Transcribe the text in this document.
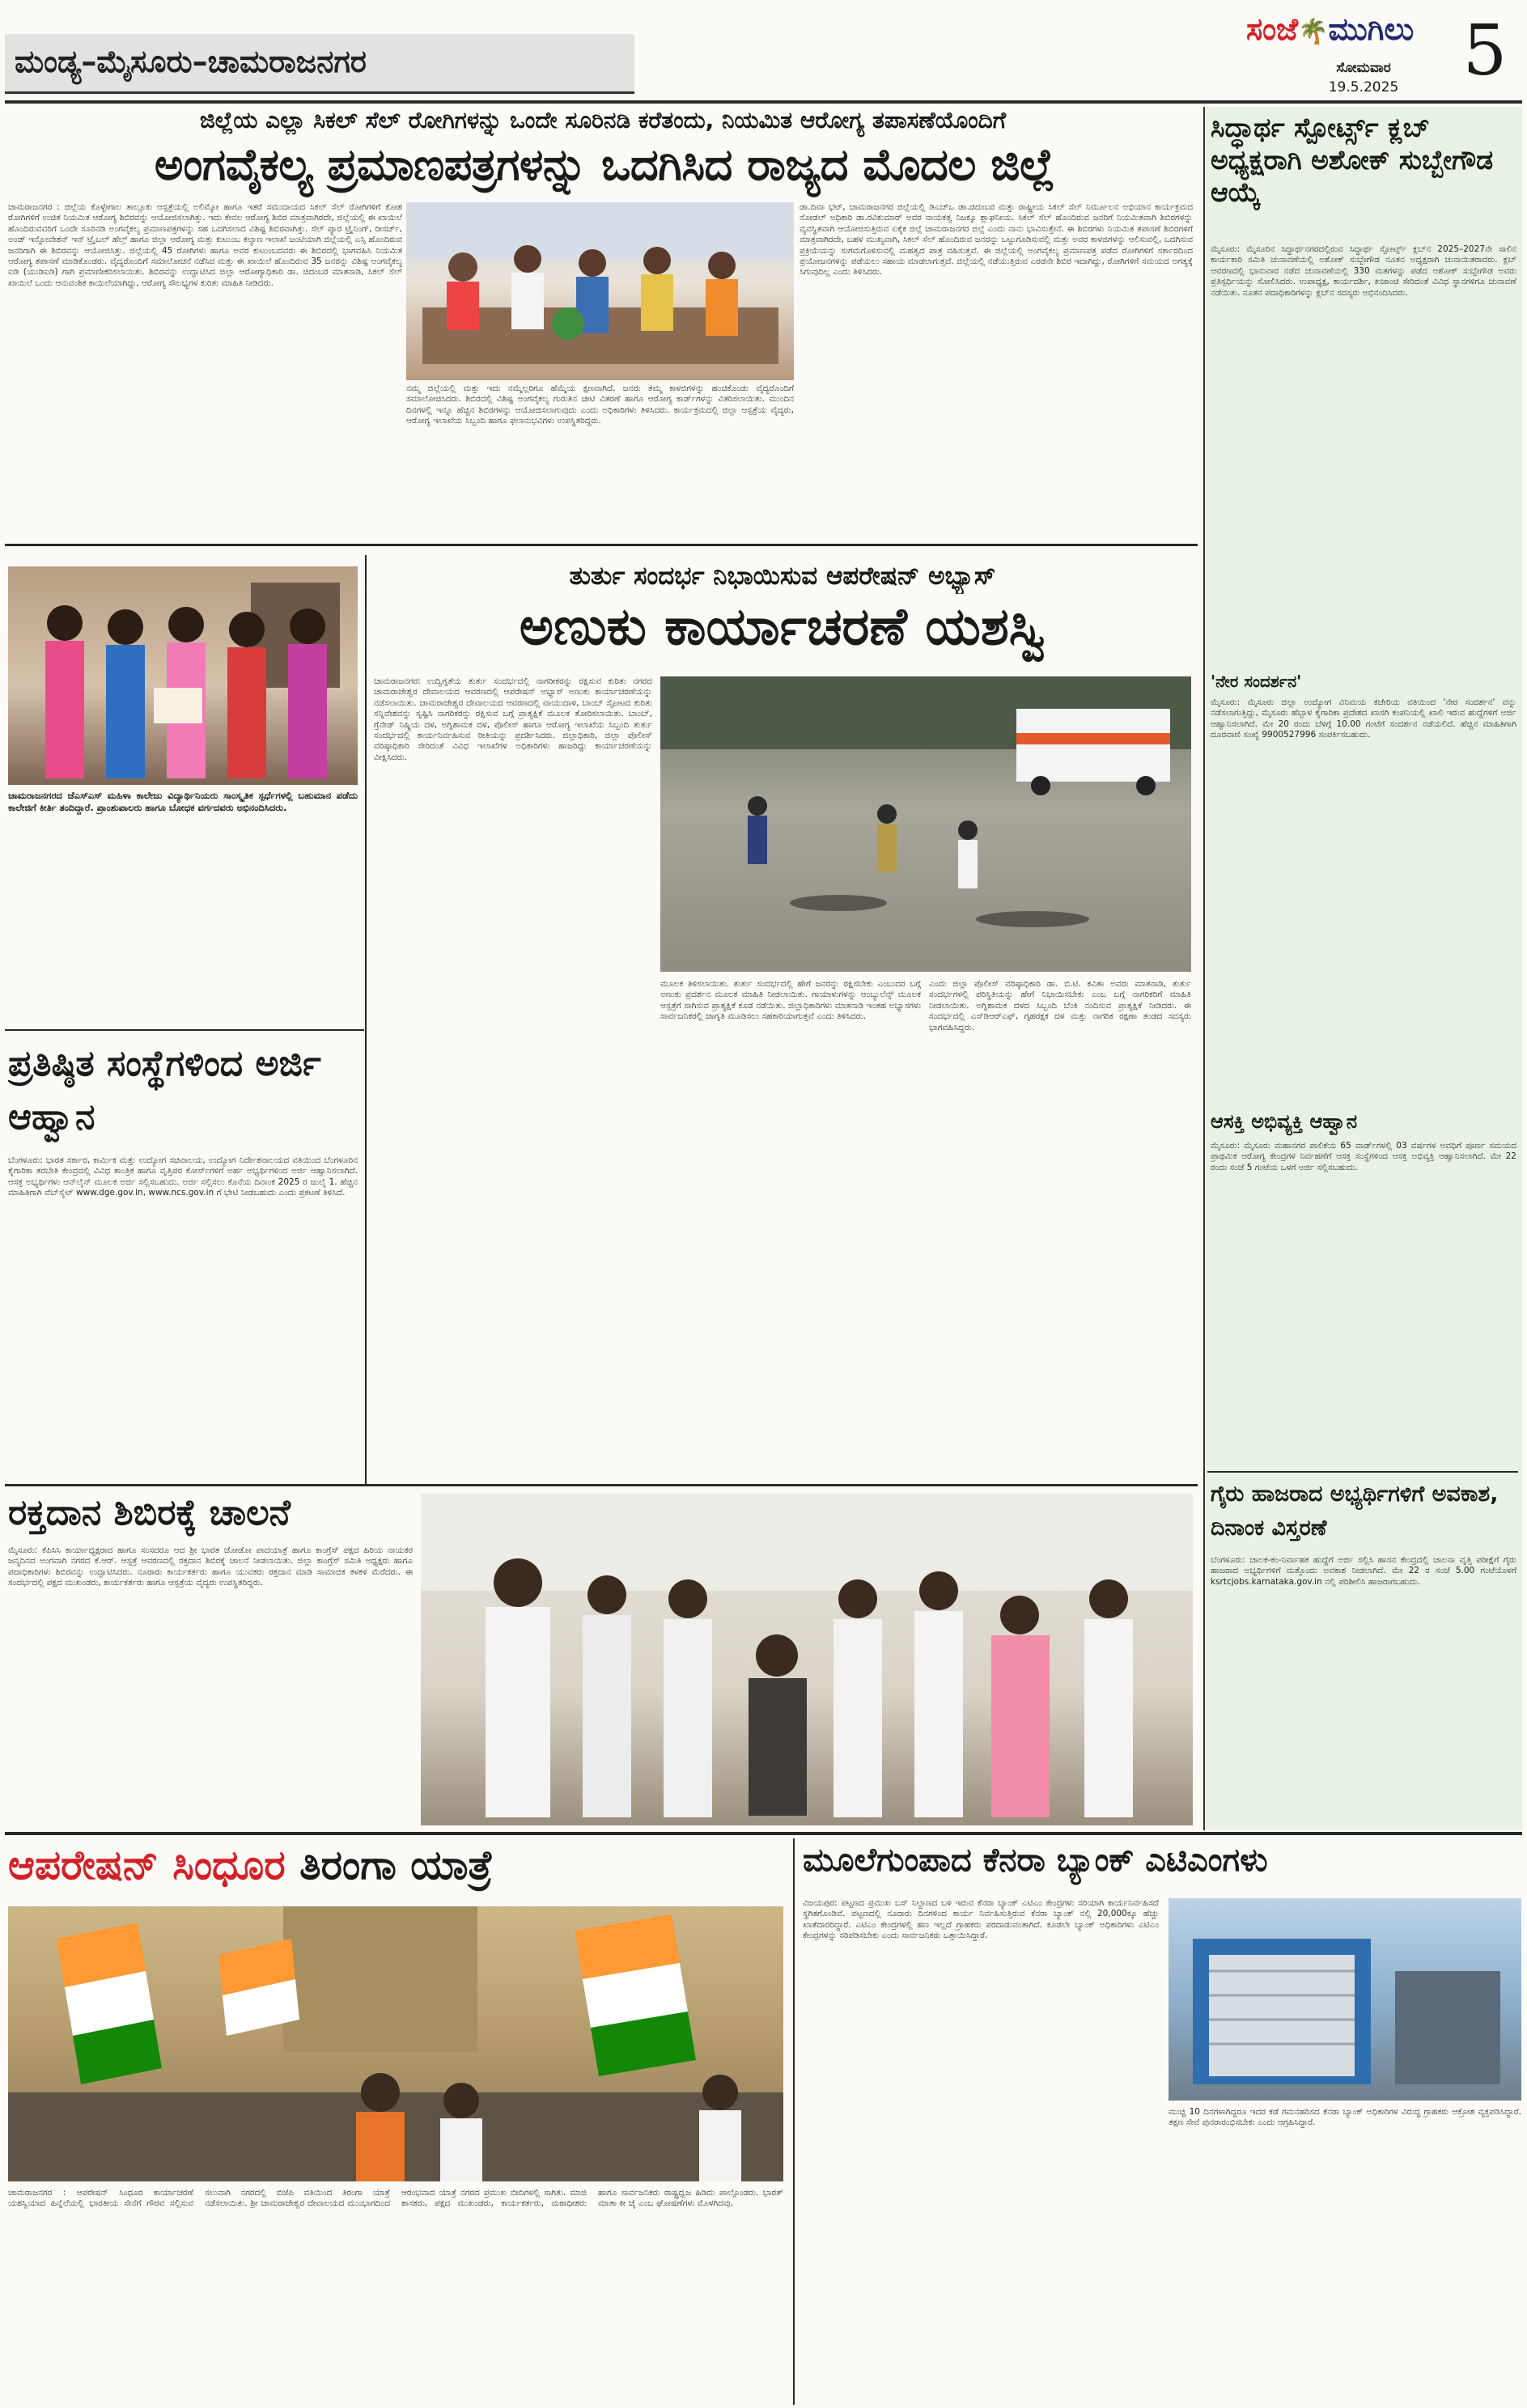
ಮಂಡ್ಯ–ಮೈಸೂರು–ಚಾಮರಾಜನಗರ
ಸಂಜೆ🌴ಮುಗಿಲು
ಸೋಮವಾರ
19.5.2025 5
ಜಿಲ್ಲೆಯ ಎಲ್ಲಾ ಸಿಕಲ್ ಸೆಲ್ ರೋಗಿಗಳನ್ನು ಒಂದೇ ಸೂರಿನಡಿ ಕರೆತಂದು, ನಿಯಮಿತ ಆರೋಗ್ಯ ತಪಾಸಣೆಯೊಂದಿಗೆ
ಅಂಗವೈಕಲ್ಯ ಪ್ರಮಾಣಪತ್ರಗಳನ್ನು ಒದಗಿಸಿದ ರಾಜ್ಯದ ಮೊದಲ ಜಿಲ್ಲೆ
ಚಾಮರಾಜನಗರ : ಜಿಲ್ಲೆಯ ಕೊಳ್ಳೇಗಾಲ ತಾಲ್ಲೂಕು ಆಸ್ಪತ್ರೆಯಲ್ಲಿ ಅಲಿಮ್ಕೋ ಹಾಗೂ ಇತರೆ ಸಮುದಾಯದ ಸಿಕಲ್ ಸೆಲ್ ರೋಗಿಗಳಿಗೆ ಕೋಶ ರೋಗಿಗಳಿಗೆ ಉಚಿತ ನಿಯಮಿತ ಆರೋಗ್ಯ ಶಿಬಿರವನ್ನು ಆಯೋಜಿಸಲಾಗಿತ್ತು. ಇದು ಕೇವಲ ಆರೋಗ್ಯ ಶಿಬಿರ ಮಾತ್ರವಾಗಿರದೇ, ಜಿಲ್ಲೆಯಲ್ಲಿ ಈ ಖಾಯಿಲೆ ಹೊಂದಿರುವವರಿಗೆ ಒಂದೇ ಸೂರಿನಡಿ ಅಂಗವೈಕಲ್ಯ ಪ್ರಮಾಣಪತ್ರಗಳನ್ನು ಸಹ ಒದಗಿಸಲಾದ ವಿಶಿಷ್ಟ ಶಿಬಿರವಾಗಿತ್ತು. ಸೆಲ್ ಪ್ಯಾರ ಟ್ರೈನಿಂಗ್, ರೀಸರ್ಚ್, ಅಂಡ್ ಇನ್ನೋವೇಶನ್ ಇನ್ ಟ್ರೈಬಲ್ ಹೆಲ್ತ್ ಹಾಗೂ ಜಿಲ್ಲಾ ಆರೋಗ್ಯ ಮತ್ತು ಕುಟುಂಬ ಕಲ್ಯಾಣ ಇಲಾಖೆ ಜಂಟಿಯಾಗಿ ಜಿಲ್ಲೆಯಲ್ಲಿ ಎಸ್ಸಿ ಹೊಂದಿರುವ ಜನರಿಗಾಗಿ ಈ ಶಿಬಿರವನ್ನು ಆಯೋಜಿಸಿತ್ತು. ಜಿಲ್ಲೆಯಲ್ಲಿ 45 ರೋಗಿಗಳು ಹಾಗೂ ಅವರ ಕುಟುಂಬದವರು ಈ ಶಿಬಿರದಲ್ಲಿ ಭಾಗವಹಿಸಿ ನಿಯಮಿತ ಆರೋಗ್ಯ ತಪಾಸಣೆ ಮಾಡಿಕೊಂಡರು. ವೈದ್ಯರೊಂದಿಗೆ ಸಮಾಲೋಚನೆ ನಡೆಸಿದ ಮತ್ತು ಈ ಖಾಯಿಲೆ ಹೊಂದಿರುವ 35 ಜನರನ್ನು ವಿಶಿಷ್ಟ ಅಂಗವೈಕಲ್ಯ ಐಡಿ (ಯುಡಿಐಡಿ) ಗಾಗಿ ಪ್ರಮಾಣೀಕರಿಸಲಾಯಿತು. ಶಿಬಿರವನ್ನು ಉದ್ಘಾಟಿಸಿದ ಜಿಲ್ಲಾ ಆರೋಗ್ಯಾಧಿಕಾರಿ ಡಾ. ಚಿದಂಬರ ಮಾತನಾಡಿ, ಸಿಕಲ್ ಸೆಲ್ ಖಾಯಿಲೆ ಒಂದು ಆನುವಂಶಿಕ ಕಾಯಿಲೆಯಾಗಿದ್ದು, ಆರೋಗ್ಯ ಸೌಲಭ್ಯಗಳ ಕುರಿತು ಮಾಹಿತಿ ನೀಡಿದರು.
ನಮ್ಮ ಜಿಲ್ಲೆಯಲ್ಲಿ ಮತ್ತು ಇದು ನಮ್ಮೆಲ್ಲರಿಗೂ ಹೆಮ್ಮೆಯ ಕ್ಷಣವಾಗಿದೆ. ಜನರು ತಮ್ಮ ಕಾಳಜಿಗಳನ್ನು ಹಂಚಿಕೊಂಡು ವೈದ್ಯರೊಂದಿಗೆ ಸಮಾಲೋಚಿಸಿದರು. ಶಿಬಿರದಲ್ಲಿ ವಿಶಿಷ್ಟ ಅಂಗವೈಕಲ್ಯ ಗುರುತಿನ ಚೀಟಿ ವಿತರಣೆ ಹಾಗೂ ಆರೋಗ್ಯ ಕಾರ್ಡ್‌ಗಳನ್ನು ವಿತರಿಸಲಾಯಿತು. ಮುಂದಿನ ದಿನಗಳಲ್ಲಿ ಇನ್ನೂ ಹೆಚ್ಚಿನ ಶಿಬಿರಗಳನ್ನು ಆಯೋಜಿಸಲಾಗುವುದು ಎಂದು ಅಧಿಕಾರಿಗಳು ತಿಳಿಸಿದರು. ಕಾರ್ಯಕ್ರಮದಲ್ಲಿ ಜಿಲ್ಲಾ ಆಸ್ಪತ್ರೆಯ ವೈದ್ಯರು, ಆರೋಗ್ಯ ಇಲಾಖೆಯ ಸಿಬ್ಬಂದಿ ಹಾಗೂ ಫಲಾನುಭವಿಗಳು ಉಪಸ್ಥಿತರಿದ್ದರು.
ಡಾ.ದಿವಾ ಭಟ್, ಚಾಮರಾಜನಗರ ಜಿಲ್ಲೆಯಲ್ಲಿ ಡಿಎಚ್‌ಒ ಡಾ.ಚಿದಂಬರ ಮತ್ತು ರಾಷ್ಟ್ರೀಯ ಸಿಕಲ್ ಸೆಲ್ ನಿರ್ಮೂಲನ ಅಭಿಯಾನ ಕಾರ್ಯಕ್ರಮದ ನೋಡಲ್ ಅಧಿಕಾರಿ ಡಾ.ರವಿಕುಮಾರ್ ಅವರ ನಾಯಕತ್ವ ನಿಜಕ್ಕೂ ಶ್ಲಾಘನೀಯ. ಸಿಕಲ್ ಸೆಲ್ ಹೊಂದಿರುವ ಜನರಿಗೆ ನಿಯಮಿತವಾಗಿ ಶಿಬಿರಗಳನ್ನು ವ್ಯವಸ್ಥಿತವಾಗಿ ಆಯೋಜಿಸುತ್ತಿರುವ ಏಕೈಕ ಜಿಲ್ಲೆ ಚಾಮರಾಜನಗರ ಜಿಲ್ಲೆ ಎಂದು ನಾನು ಭಾವಿಸುತ್ತೇನೆ. ಈ ಶಿಬಿರಗಳು ನಿಯಮಿತ ತಪಾಸಣೆ ಶಿಬಿರಗಳಿಗೆ ಮಾತ್ರವಾಗಿರದೇ, ಬಹಳ ಮುಖ್ಯವಾಗಿ, ಸಿಕಲ್ ಸೆಲ್ ಹೊಂದಿರುವ ಜನರನ್ನು ಒಟ್ಟುಗೂಡಿಸುವಲ್ಲಿ ಮತ್ತು ಅವರ ಕಾಳಜಿಗಳನ್ನು ಆಲಿಸುವಲ್ಲಿ, ಒದಗಿಸುವ ಪ್ರಕ್ರಿಯೆಯನ್ನು ಸುಗಮಗೊಳಿಸುವಲ್ಲಿ ಮಹತ್ವದ ಪಾತ್ರ ವಹಿಸುತ್ತವೆ. ಈ ಜಿಲ್ಲೆಯಲ್ಲಿ ಅಂಗವೈಕಲ್ಯ ಪ್ರಮಾಣಪತ್ರ ಪಡೆದ ರೋಗಿಗಳಿಗೆ ಸರ್ಕಾರದಿಂದ ಪ್ರಯೋಜನಗಳನ್ನು ಪಡೆಯಲು ಸಹಾಯ ಮಾಡಲಾಗುತ್ತದೆ. ಜಿಲ್ಲೆಯಲ್ಲಿ ನಡೆಯುತ್ತಿರುವ ಎರಡನೇ ಶಿಬಿರ ಇದಾಗಿದ್ದು, ರೋಗಿಗಳಿಗೆ ಸಮಯದ ಅಗತ್ಯಕ್ಕೆ ಸಿಗುವುದಿಲ್ಲ ಎಂದು ತಿಳಿಸಿದರು.
ಸಿದ್ಧಾರ್ಥ ಸ್ಪೋರ್ಟ್ಸ್ ಕ್ಲಬ್ ಅಧ್ಯಕ್ಷರಾಗಿ ಅಶೋಕ್ ಸುಬ್ಬೇಗೌಡ ಆಯ್ಕೆ
ಮೈಸೂರು: ಮೈಸೂರಿನ ಸಿದ್ಧಾರ್ಥನಗರದಲ್ಲಿರುವ ಸಿದ್ಧಾರ್ಥ ಸ್ಪೋರ್ಟ್ಸ್ ಕ್ಲಬ್‌ನ 2025–2027ನೇ ಸಾಲಿನ ಕಾರ್ಯಕಾರಿ ಸಮಿತಿ ಚುನಾವಣೆಯಲ್ಲಿ ಅಶೋಕ್ ಸುಬ್ಬೇಗೌಡ ನೂತನ ಅಧ್ಯಕ್ಷರಾಗಿ ಚುನಾಯಿತರಾದರು. ಕ್ಲಬ್ ಆವರಣದಲ್ಲಿ ಭಾನುವಾರ ನಡೆದ ಚುನಾವಣೆಯಲ್ಲಿ 330 ಮತಗಳನ್ನು ಪಡೆದ ಅಶೋಕ್ ಸುಬ್ಬೇಗೌಡ ಅವರು ಪ್ರತಿಸ್ಪರ್ಧಿಯನ್ನು ಸೋಲಿಸಿದರು. ಉಪಾಧ್ಯಕ್ಷ, ಕಾರ್ಯದರ್ಶಿ, ಖಜಾಂಚಿ ಸೇರಿದಂತೆ ವಿವಿಧ ಸ್ಥಾನಗಳಿಗೂ ಚುನಾವಣೆ ನಡೆಯಿತು. ನೂತನ ಪದಾಧಿಕಾರಿಗಳನ್ನು ಕ್ಲಬ್‌ನ ಸದಸ್ಯರು ಅಭಿನಂದಿಸಿದರು.
'ನೇರ ಸಂದರ್ಶನ'
ಮೈಸೂರು: ಮೈಸೂರು ಜಿಲ್ಲಾ ಉದ್ಯೋಗ ವಿನಿಮಯ ಕಚೇರಿಯ ವತಿಯಿಂದ 'ನೇರ ಸಂದರ್ಶನ' ವನ್ನು ನಡೆಸಲಾಗುತ್ತಿದ್ದು, ಮೈಸೂರು ಹೆಬ್ಬಾಳ ಕೈಗಾರಿಕಾ ಪ್ರದೇಶದ ಖಾಸಗಿ ಕಂಪನಿಯಲ್ಲಿ ಖಾಲಿ ಇರುವ ಹುದ್ದೆಗಳಿಗೆ ಅರ್ಜಿ ಆಹ್ವಾನಿಸಲಾಗಿದೆ. ಮೇ 20 ರಂದು ಬೆಳಿಗ್ಗೆ 10.00 ಗಂಟೆಗೆ ಸಂದರ್ಶನ ನಡೆಯಲಿದೆ. ಹೆಚ್ಚಿನ ಮಾಹಿತಿಗಾಗಿ ದೂರವಾಣಿ ಸಂಖ್ಯೆ 9900527996 ಸಂಪರ್ಕಿಸಬಹುದು.
ಆಸಕ್ತಿ ಅಭಿವ್ಯಕ್ತಿ ಆಹ್ವಾನ
ಮೈಸೂರು: ಮೈಸೂರು ಮಹಾನಗರ ಪಾಲಿಕೆಯ 65 ವಾರ್ಡ್‌ಗಳಲ್ಲಿ 03 ವರ್ಷಗಳ ಅವಧಿಗೆ ಪೂರ್ಣ ಸಮಯದ ಪ್ರಾಥಮಿಕ ಆರೋಗ್ಯ ಕೇಂದ್ರಗಳ ನಿರ್ವಹಣೆಗೆ ಆಸಕ್ತ ಸಂಸ್ಥೆಗಳಿಂದ ಆಸಕ್ತಿ ಅಭಿವ್ಯಕ್ತಿ ಆಹ್ವಾನಿಸಲಾಗಿದೆ. ಮೇ 22 ರಂದು ಸಂಜೆ 5 ಗಂಟೆಯ ಒಳಗೆ ಅರ್ಜಿ ಸಲ್ಲಿಸಬಹುದು.
ಗೈರು ಹಾಜರಾದ ಅಭ್ಯರ್ಥಿಗಳಿಗೆ ಅವಕಾಶ, ದಿನಾಂಕ ವಿಸ್ತರಣೆ
ಬೆಂಗಳೂರು: ಚಾಲಕ-ಕಂ-ನಿರ್ವಾಹಕ ಹುದ್ದೆಗೆ ಅರ್ಜಿ ಸಲ್ಲಿಸಿ ಹಾಸನ ಕೇಂದ್ರದಲ್ಲಿ ಚಾಲನಾ ವೃತ್ತಿ ಪರೀಕ್ಷೆಗೆ ಗೈರು ಹಾಜರಾದ ಅಭ್ಯರ್ಥಿಗಳಿಗೆ ಮತ್ತೊಂದು ಅವಕಾಶ ನೀಡಲಾಗಿದೆ. ಮೇ 22 ರ ಸಂಜೆ 5.00 ಗಂಟೆಯೊಳಗೆ ksrtcjobs.karnataka.gov.in ನಲ್ಲಿ ಪರಿಶೀಲಿಸಿ ಹಾಜರಾಗಬಹುದು.
ಚಾಮರಾಜನಗರದ ಜೆಎಸ್‌ಎಸ್ ಮಹಿಳಾ ಕಾಲೇಜು ವಿದ್ಯಾರ್ಥಿನಿಯರು ಸಾಂಸ್ಕೃತಿಕ ಸ್ಪರ್ಧೆಗಳಲ್ಲಿ ಬಹುಮಾನ ಪಡೆದು ಕಾಲೇಜಿಗೆ ಕೀರ್ತಿ ತಂದಿದ್ದಾರೆ. ಪ್ರಾಂಶುಪಾಲರು ಹಾಗೂ ಬೋಧಕ ವರ್ಗದವರು ಅಭಿನಂದಿಸಿದರು.
ಪ್ರತಿಷ್ಠಿತ ಸಂಸ್ಥೆಗಳಿಂದ ಅರ್ಜಿ ಆಹ್ವಾನ
ಬೆಂಗಳೂರು: ಭಾರತ ಸರ್ಕಾರ, ಕಾರ್ಮಿಕ ಮತ್ತು ಉದ್ಯೋಗ ಸಚಿವಾಲಯ, ಉದ್ಯೋಗ ನಿರ್ದೇಶನಾಲಯದ ವತಿಯಿಂದ ಬೆಂಗಳೂರಿನ ಕೈಗಾರಿಕಾ ತರಬೇತಿ ಕೇಂದ್ರದಲ್ಲಿ ವಿವಿಧ ತಾಂತ್ರಿಕ ಹಾಗೂ ವೃತ್ತಿಪರ ಕೋರ್ಸ್‌ಗಳಿಗೆ ಅರ್ಹ ಅಭ್ಯರ್ಥಿಗಳಿಂದ ಅರ್ಜಿ ಆಹ್ವಾನಿಸಲಾಗಿದೆ. ಆಸಕ್ತ ಅಭ್ಯರ್ಥಿಗಳು ಆನ್‌ಲೈನ್ ಮೂಲಕ ಅರ್ಜಿ ಸಲ್ಲಿಸಬಹುದು. ಅರ್ಜಿ ಸಲ್ಲಿಸಲು ಕೊನೆಯ ದಿನಾಂಕ 2025 ರ ಜುಲೈ 1. ಹೆಚ್ಚಿನ ಮಾಹಿತಿಗಾಗಿ ವೆಬ್‌ಸೈಟ್ www.dge.gov.in, www.ncs.gov.in ಗೆ ಭೇಟಿ ನೀಡಬಹುದು ಎಂದು ಪ್ರಕಟಣೆ ತಿಳಿಸಿದೆ.
ತುರ್ತು ಸಂದರ್ಭ ನಿಭಾಯಿಸುವ ಆಪರೇಷನ್ ಅಭ್ಯಾಸ್
ಅಣುಕು ಕಾರ್ಯಾಚರಣೆ ಯಶಸ್ವಿ
ಚಾಮರಾಜನಗರ: ಉದ್ವಿಗ್ನತೆಯ ತುರ್ತು ಸಂದರ್ಭದಲ್ಲಿ ನಾಗರೀಕರನ್ನು ರಕ್ಷಿಸುವ ಕುರಿತು ನಗರದ ಚಾಮರಾಜೇಶ್ವರ ದೇವಾಲಯದ ಆವರಣದಲ್ಲಿ ಆಪರೇಷನ್ ಅಭ್ಯಾಸ್ ಅಣುಕು ಕಾರ್ಯಾಚರಣೆಯನ್ನು ನಡೆಸಲಾಯಿತು. ಚಾಮರಾಜೇಶ್ವರ ದೇವಾಲಯದ ಆವರಣದಲ್ಲಿ ವಾಯುದಾಳಿ, ಬಾಂಬ್ ಸ್ಫೋಟದ ಕುರಿತು ಸನ್ನಿವೇಶವನ್ನು ಸೃಷ್ಟಿಸಿ ನಾಗರಿಕರನ್ನು ರಕ್ಷಿಸುವ ಬಗ್ಗೆ ಪ್ರಾತ್ಯಕ್ಷಿಕೆ ಮೂಲಕ ತೋರಿಸಲಾಯಿತು. ಬಾಂಬ್, ಗ್ರೆನೇಡ್ ನಿಷ್ಕ್ರಿಯ ದಳ, ಅಗ್ನಿಶಾಮಕ ದಳ, ಪೊಲೀಸ್ ಹಾಗೂ ಆರೋಗ್ಯ ಇಲಾಖೆಯ ಸಿಬ್ಬಂದಿ ತುರ್ತು ಸಂದರ್ಭದಲ್ಲಿ ಕಾರ್ಯನಿರ್ವಹಿಸುವ ರೀತಿಯನ್ನು ಪ್ರದರ್ಶಿಸಿದರು. ಜಿಲ್ಲಾಧಿಕಾರಿ, ಜಿಲ್ಲಾ ಪೊಲೀಸ್ ವರಿಷ್ಠಾಧಿಕಾರಿ ಸೇರಿದಂತೆ ವಿವಿಧ ಇಲಾಖೆಗಳ ಅಧಿಕಾರಿಗಳು ಹಾಜರಿದ್ದು ಕಾರ್ಯಾಚರಣೆಯನ್ನು ವೀಕ್ಷಿಸಿದರು.
ಮೂಲಕ ತಿಳಿಸಲಾಯಿತು. ತುರ್ತು ಸಂದರ್ಭದಲ್ಲಿ ಹೇಗೆ ಜನರನ್ನು ರಕ್ಷಿಸಬೇಕು ಎಂಬುದರ ಬಗ್ಗೆ ಅಣುಕು ಪ್ರದರ್ಶನ ಮೂಲಕ ಮಾಹಿತಿ ನೀಡಲಾಯಿತು. ಗಾಯಾಳುಗಳನ್ನು ಆಂಬ್ಯುಲೆನ್ಸ್ ಮೂಲಕ ಆಸ್ಪತ್ರೆಗೆ ಸಾಗಿಸುವ ಪ್ರಾತ್ಯಕ್ಷಿಕೆ ಕೂಡ ನಡೆಯಿತು. ಜಿಲ್ಲಾಧಿಕಾರಿಗಳು ಮಾತನಾಡಿ ಇಂತಹ ಅಭ್ಯಾಸಗಳು ಸಾರ್ವಜನಿಕರಲ್ಲಿ ಜಾಗೃತಿ ಮೂಡಿಸಲು ಸಹಕಾರಿಯಾಗುತ್ತವೆ ಎಂದು ತಿಳಿಸಿದರು.
ಎಂದು ಜಿಲ್ಲಾ ಪೊಲೀಸ್ ವರಿಷ್ಠಾಧಿಕಾರಿ ಡಾ. ಬಿ.ಟಿ. ಕವಿತಾ ಅವರು ಮಾತನಾಡಿ, ತುರ್ತು ಸಂದರ್ಭಗಳಲ್ಲಿ ಪರಿಸ್ಥಿತಿಯನ್ನು ಹೇಗೆ ನಿಭಾಯಿಸಬೇಕು ಎಂಬ ಬಗ್ಗೆ ನಾಗರಿಕರಿಗೆ ಮಾಹಿತಿ ನೀಡಲಾಯಿತು. ಅಗ್ನಿಶಾಮಕ ದಳದ ಸಿಬ್ಬಂದಿ ಬೆಂಕಿ ನಂದಿಸುವ ಪ್ರಾತ್ಯಕ್ಷಿಕೆ ನೀಡಿದರು. ಈ ಸಂದರ್ಭದಲ್ಲಿ ಎಸ್‌ಡಿಆರ್‌ಎಫ್, ಗೃಹರಕ್ಷಕ ದಳ ಮತ್ತು ನಾಗರಿಕ ರಕ್ಷಣಾ ತಂಡದ ಸದಸ್ಯರು ಭಾಗವಹಿಸಿದ್ದರು.
ರಕ್ತದಾನ ಶಿಬಿರಕ್ಕೆ ಚಾಲನೆ
ಮೈಸೂರು: ಕೆಪಿಸಿಸಿ ಕಾರ್ಯಾಧ್ಯಕ್ಷರಾದ ಹಾಗೂ ಸಂಸದರೂ ಆದ ಶ್ರೀ ಭಾರತ ಜೋಡೋ ಪಾದಯಾತ್ರೆ ಹಾಗೂ ಕಾಂಗ್ರೆಸ್ ಪಕ್ಷದ ಹಿರಿಯ ನಾಯಕರ ಜನ್ಮದಿನದ ಅಂಗವಾಗಿ ನಗರದ ಕೆ.ಆರ್. ಆಸ್ಪತ್ರೆ ಆವರಣದಲ್ಲಿ ರಕ್ತದಾನ ಶಿಬಿರಕ್ಕೆ ಚಾಲನೆ ನೀಡಲಾಯಿತು. ಜಿಲ್ಲಾ ಕಾಂಗ್ರೆಸ್ ಸಮಿತಿ ಅಧ್ಯಕ್ಷರು ಹಾಗೂ ಪದಾಧಿಕಾರಿಗಳು ಶಿಬಿರವನ್ನು ಉದ್ಘಾಟಿಸಿದರು. ನೂರಾರು ಕಾರ್ಯಕರ್ತರು ಹಾಗೂ ಯುವಕರು ರಕ್ತದಾನ ಮಾಡಿ ಸಾಮಾಜಿಕ ಕಳಕಳಿ ಮೆರೆದರು. ಈ ಸಂದರ್ಭದಲ್ಲಿ ಪಕ್ಷದ ಮುಖಂಡರು, ಕಾರ್ಯಕರ್ತರು ಹಾಗೂ ಆಸ್ಪತ್ರೆಯ ವೈದ್ಯರು ಉಪಸ್ಥಿತರಿದ್ದರು.
ಆಪರೇಷನ್ ಸಿಂಧೂರ ತಿರಂಗಾ ಯಾತ್ರೆ
ಚಾಮರಾಜನಗರ : ಆಪರೇಷನ್ ಸಿಂಧೂರ ಕಾರ್ಯಾಚರಣೆ ಯಶಸ್ವಿಯಾದ ಹಿನ್ನೆಲೆಯಲ್ಲಿ ಭಾರತೀಯ ಸೇನೆಗೆ ಗೌರವ ಸಲ್ಲಿಸುವ ಸಲುವಾಗಿ ನಗರದಲ್ಲಿ ಬಿಜೆಪಿ ವತಿಯಿಂದ ತಿರಂಗಾ ಯಾತ್ರೆ ನಡೆಸಲಾಯಿತು. ಶ್ರೀ ಚಾಮರಾಜೇಶ್ವರ ದೇವಾಲಯದ ಮುಂಭಾಗದಿಂದ ಆರಂಭವಾದ ಯಾತ್ರೆ ನಗರದ ಪ್ರಮುಖ ಬೀದಿಗಳಲ್ಲಿ ಸಾಗಿತು. ಮಾಜಿ ಶಾಸಕರು, ಪಕ್ಷದ ಮುಖಂಡರು, ಕಾರ್ಯಕರ್ತರು, ಮಠಾಧೀಶರು ಹಾಗೂ ಸಾರ್ವಜನಿಕರು ರಾಷ್ಟ್ರಧ್ವಜ ಹಿಡಿದು ಪಾಲ್ಗೊಂಡರು. ಭಾರತ್ ಮಾತಾ ಕೀ ಜೈ ಎಂಬ ಘೋಷಣೆಗಳು ಮೊಳಗಿದವು.
ಮೂಲೆಗುಂಪಾದ ಕೆನರಾ ಬ್ಯಾಂಕ್ ಎಟಿಎಂಗಳು
ವಿಜಯಪುರ: ಪಟ್ಟಣದ ಪ್ರಮುಖ ಬಸ್ ನಿಲ್ದಾಣದ ಬಳಿ ಇರುವ ಕೆನರಾ ಬ್ಯಾಂಕ್ ಎಟಿಎಂ ಕೇಂದ್ರಗಳು ಸರಿಯಾಗಿ ಕಾರ್ಯನಿರ್ವಹಿಸದೆ ಸ್ಥಗಿತಗೊಂಡಿವೆ. ಪಟ್ಟಣದಲ್ಲಿ ನೂರಾರು ದಿನಗಳಿಂದ ಕಾರ್ಯ ನಿರ್ವಹಿಸುತ್ತಿರುವ ಕೆನರಾ ಬ್ಯಾಂಕ್ ನಲ್ಲಿ 20,000ಕ್ಕೂ ಹೆಚ್ಚು ಖಾತೆದಾರರಿದ್ದಾರೆ. ಎಟಿಎಂ ಕೇಂದ್ರಗಳಲ್ಲಿ ಹಣ ಇಲ್ಲದೆ ಗ್ರಾಹಕರು ಪರದಾಡುವಂತಾಗಿದೆ. ಕೂಡಲೇ ಬ್ಯಾಂಕ್ ಅಧಿಕಾರಿಗಳು ಎಟಿಎಂ ಕೇಂದ್ರಗಳನ್ನು ಸರಿಪಡಿಸಬೇಕು ಎಂದು ಸಾರ್ವಜನಿಕರು ಒತ್ತಾಯಿಸಿದ್ದಾರೆ.
ಮುಚ್ಚಿ 10 ದಿನಗಳಾಗಿದ್ದರೂ ಇದರ ಕಡೆ ಗಮನಹರಿಸದ ಕೆನರಾ ಬ್ಯಾಂಕ್ ಅಧಿಕಾರಿಗಳ ವಿರುದ್ಧ ಗ್ರಾಹಕರು ಆಕ್ರೋಶ ವ್ಯಕ್ತಪಡಿಸಿದ್ದಾರೆ. ತಕ್ಷಣ ಸೇವೆ ಪುನರಾರಂಭಿಸಬೇಕು ಎಂದು ಆಗ್ರಹಿಸಿದ್ದಾರೆ.
